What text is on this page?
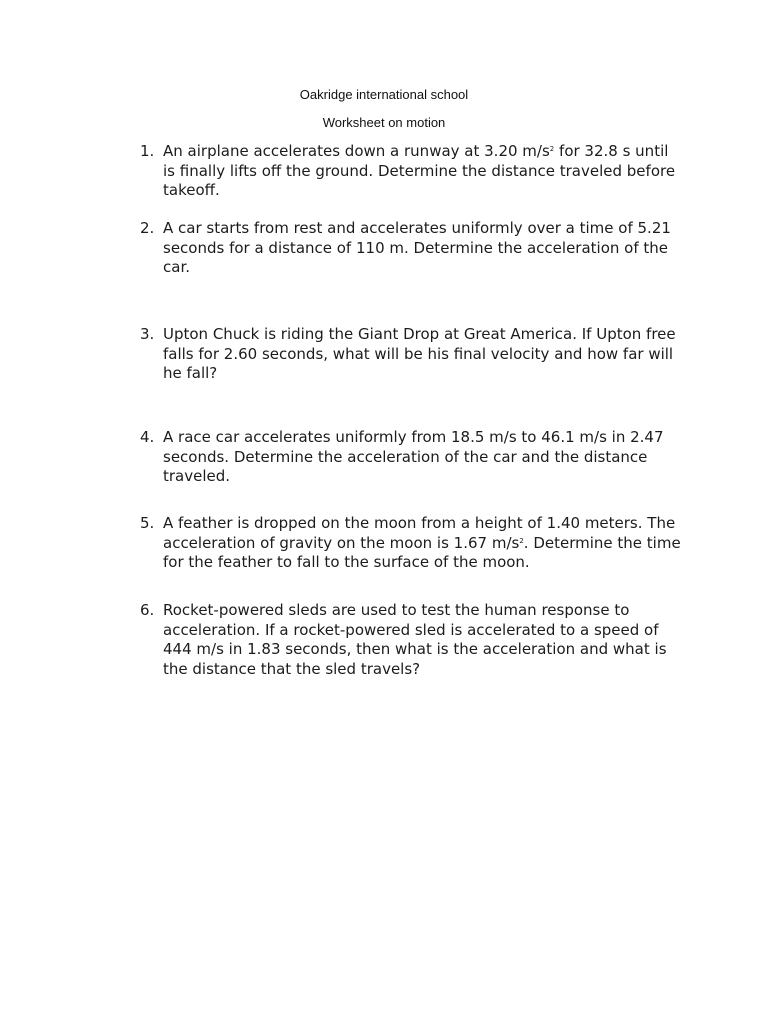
Oakridge international school
Worksheet on motion
1. An airplane accelerates down a runway at 3.20 $m/s^2$ for 32.8 s until is finally lifts off the ground. Determine the distance traveled before takeoff.
2. A car starts from rest and accelerates uniformly over a time of 5.21 seconds for a distance of 110 m. Determine the acceleration of the car.
3. Upton Chuck is riding the Giant Drop at Great America. If Upton free falls for 2.60 seconds, what will be his final velocity and how far will he fall?
4. A race car accelerates uniformly from 18.5 m/s to 46.1 m/s in 2.47 seconds. Determine the acceleration of the car and the distance traveled.
5. A feather is dropped on the moon from a height of 1.40 meters. The acceleration of gravity on the moon is 1.67 $m/s^2$. Determine the time for the feather to fall to the surface of the moon.
6. Rocket-powered sleds are used to test the human response to acceleration. If a rocket-powered sled is accelerated to a speed of 444 m/s in 1.83 seconds, then what is the acceleration and what is the distance that the sled travels?
